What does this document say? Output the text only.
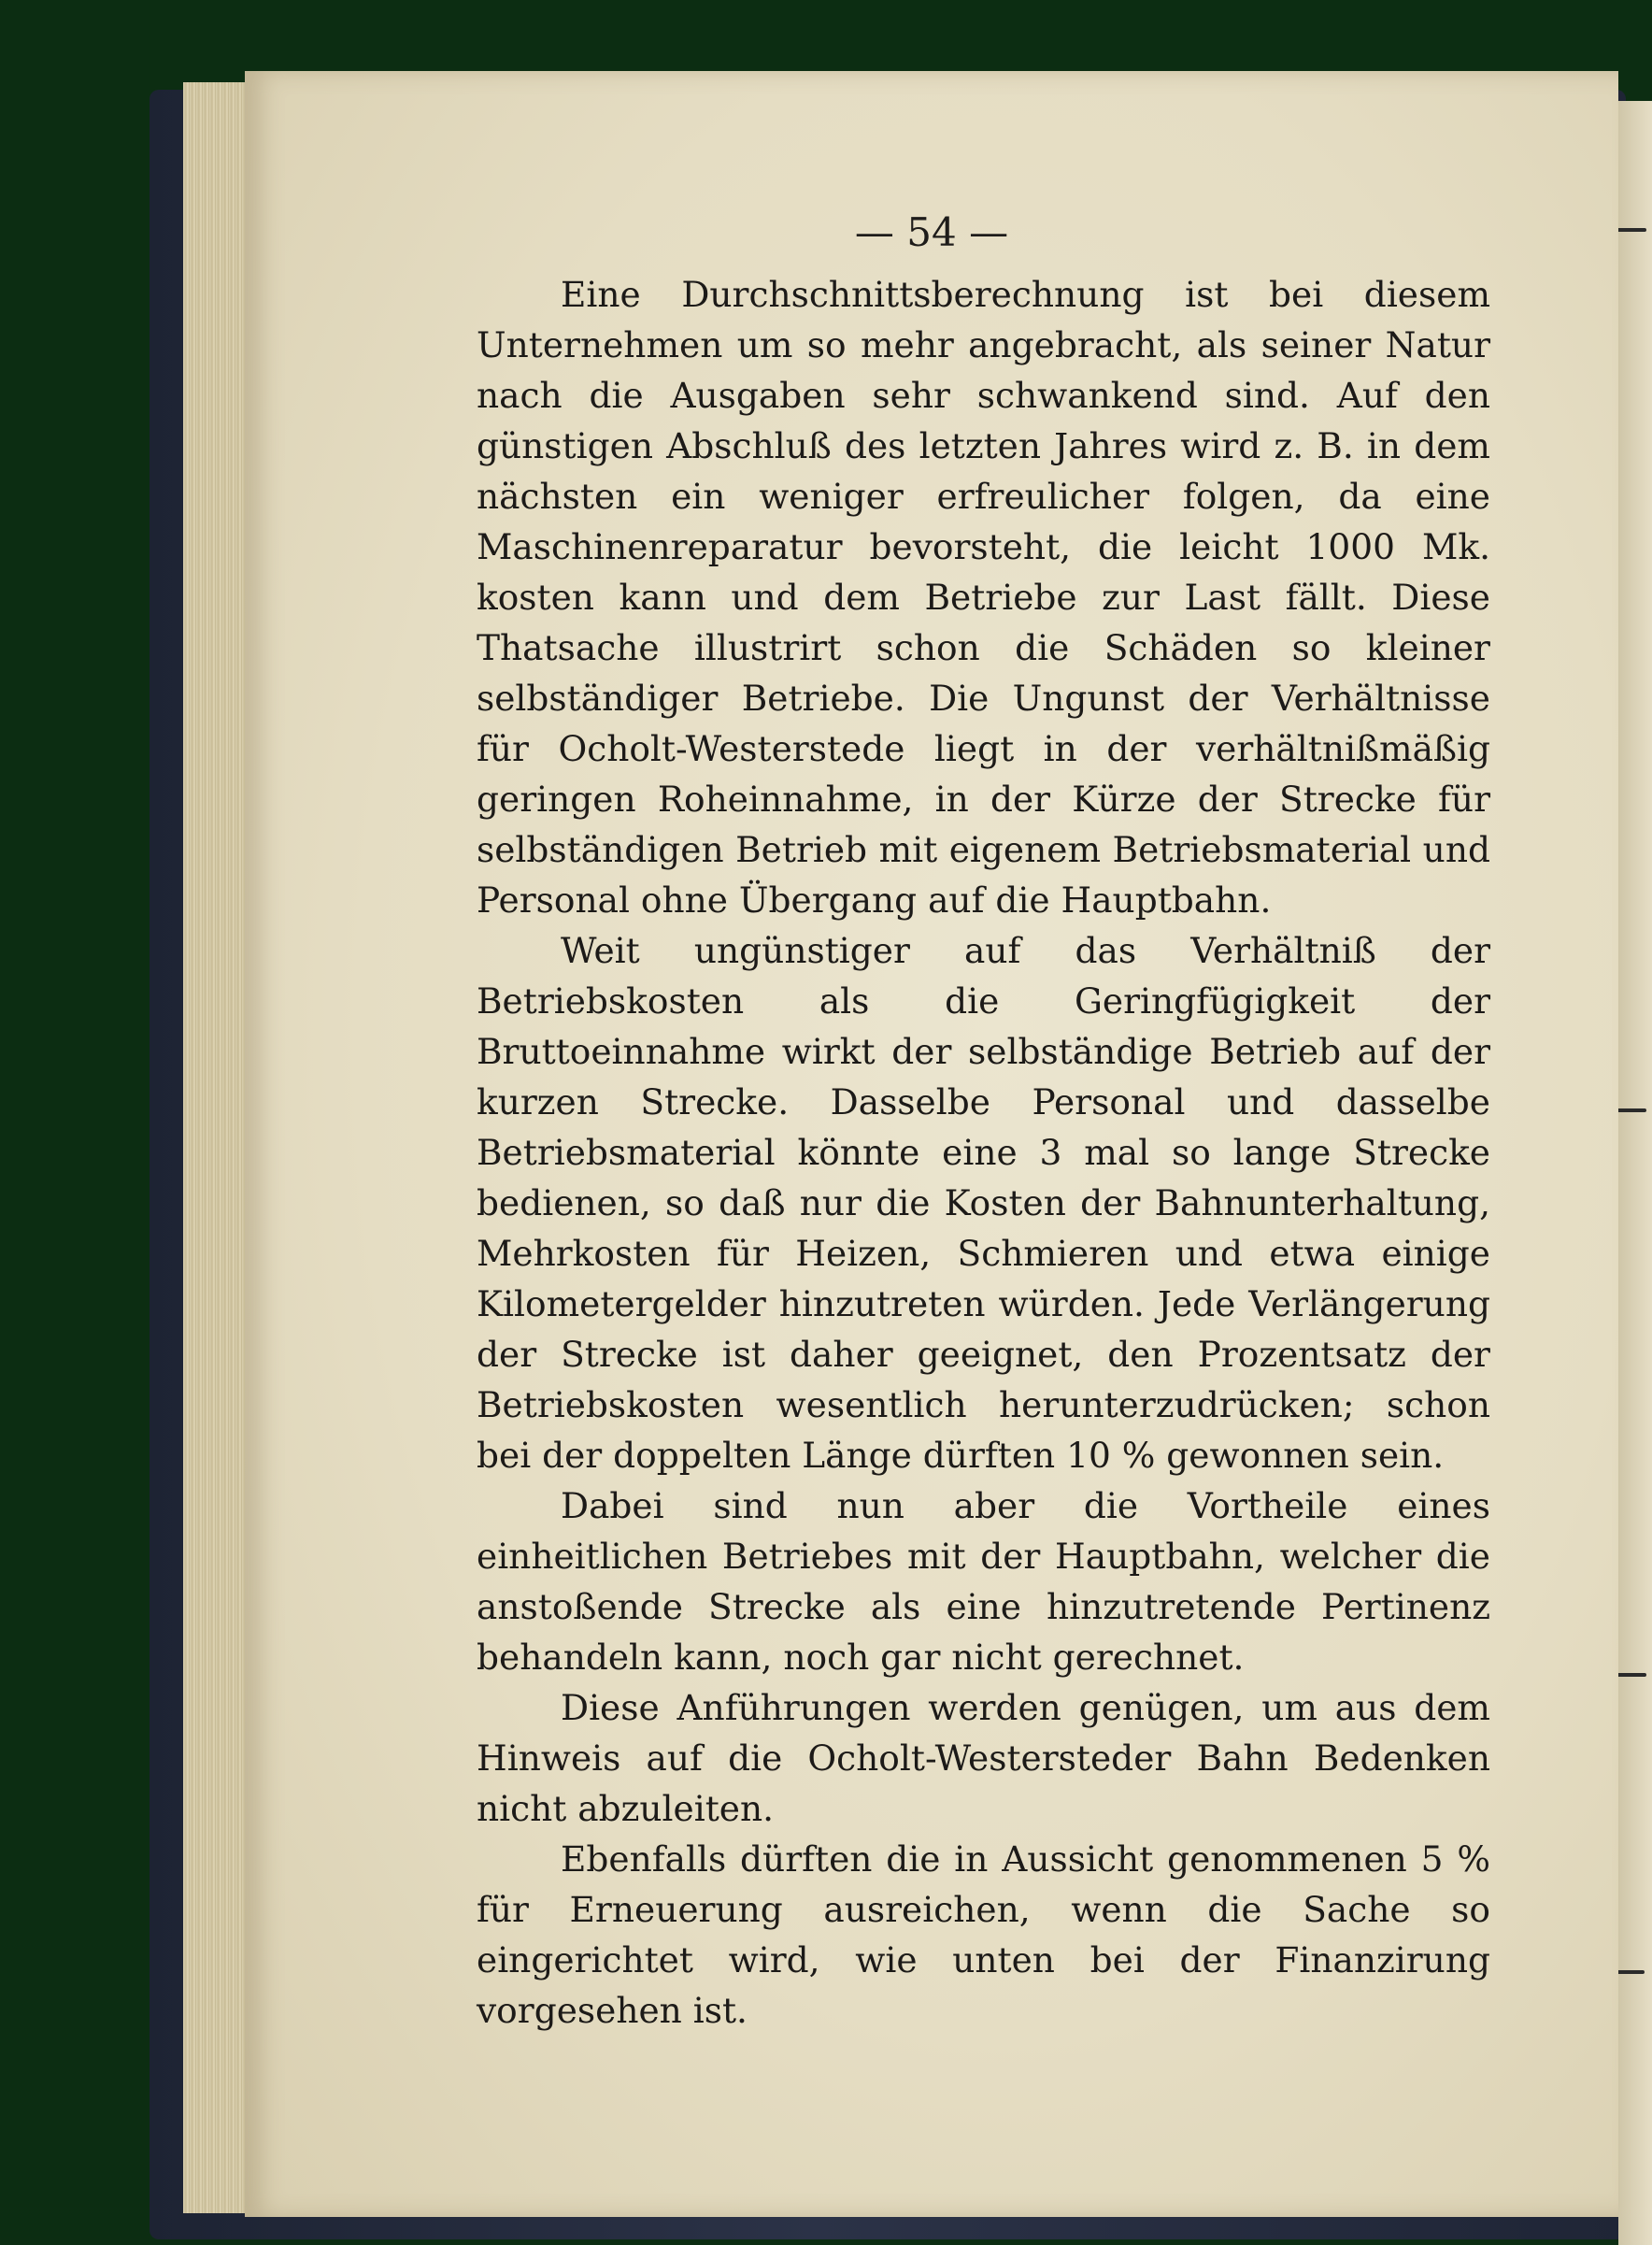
— 54 —

Eine Durchschnittsberechnung ist bei diesem Unternehmen um so mehr angebracht, als seiner Natur nach die Ausgaben sehr schwankend sind. Auf den günstigen Abschluß des letzten Jahres wird z. B. in dem nächsten ein weniger erfreulicher folgen, da eine Maschinenreparatur bevorsteht, die leicht 1000 Mk. kosten kann und dem Betriebe zur Last fällt. Diese Thatsache illustrirt schon die Schäden so kleiner selbständiger Betriebe. Die Ungunst der Verhältnisse für Ocholt-Westerstede liegt in der verhältnißmäßig geringen Roheinnahme, in der Kürze der Strecke für selbständigen Betrieb mit eigenem Betriebsmaterial und Personal ohne Übergang auf die Hauptbahn.

Weit ungünstiger auf das Verhältniß der Betriebskosten als die Geringfügigkeit der Bruttoeinnahme wirkt der selbständige Betrieb auf der kurzen Strecke. Dasselbe Personal und dasselbe Betriebsmaterial könnte eine 3 mal so lange Strecke bedienen, so daß nur die Kosten der Bahnunterhaltung, Mehrkosten für Heizen, Schmieren und etwa einige Kilometergelder hinzutreten würden. Jede Verlängerung der Strecke ist daher geeignet, den Prozentsatz der Betriebskosten wesentlich herunterzudrücken; schon bei der doppelten Länge dürften 10 % gewonnen sein.

Dabei sind nun aber die Vortheile eines einheitlichen Betriebes mit der Hauptbahn, welcher die anstoßende Strecke als eine hinzutretende Pertinenz behandeln kann, noch gar nicht gerechnet.

Diese Anführungen werden genügen, um aus dem Hinweis auf die Ocholt-Westersteder Bahn Bedenken nicht abzuleiten.

Ebenfalls dürften die in Aussicht genommenen 5 % für Erneuerung ausreichen, wenn die Sache so eingerichtet wird, wie unten bei der Finanzirung vorgesehen ist.
